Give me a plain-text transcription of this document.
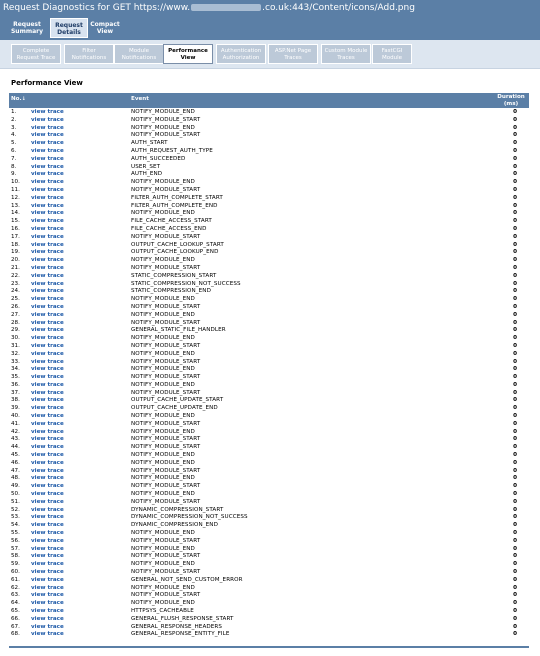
Request Diagnostics for GET https://www.	.co.uk:443/Content/icons/Add.png
Request Summary
Request Details
Compact View
Complete Request Trace
Filter Notifications
Module Notifications
Performance View
Authentication Authorization
ASP.Net Page Traces
Custom Module Traces
FastCGI Module
Performance View
No.↓	Event	Duration (ms)
1.	view trace	NOTIFY_MODULE_END	0
2.	view trace	NOTIFY_MODULE_START	0
3.	view trace	NOTIFY_MODULE_END	0
4.	view trace	NOTIFY_MODULE_START	0
5.	view trace	AUTH_START	0
6.	view trace	AUTH_REQUEST_AUTH_TYPE	0
7.	view trace	AUTH_SUCCEEDED	0
8.	view trace	USER_SET	0
9.	view trace	AUTH_END	0
10. view trace	NOTIFY_MODULE_END	0
11. view trace	NOTIFY_MODULE_START	0
12. view trace	FILTER_AUTH_COMPLETE_START	0
13. view trace	FILTER_AUTH_COMPLETE_END	0
14. view trace	NOTIFY_MODULE_END	0
15. view trace	FILE_CACHE_ACCESS_START	0
16. view trace	FILE_CACHE_ACCESS_END	0
17. view trace	NOTIFY_MODULE_START	0
18. view trace	OUTPUT_CACHE_LOOKUP_START	0
19. view trace	OUTPUT_CACHE_LOOKUP_END	0
20. view trace	NOTIFY_MODULE_END	0
21. view trace	NOTIFY_MODULE_START	0
22. view trace	STATIC_COMPRESSION_START	0
23. view trace	STATIC_COMPRESSION_NOT_SUCCESS	0
24. view trace	STATIC_COMPRESSION_END	0
25. view trace	NOTIFY_MODULE_END	0
26. view trace	NOTIFY_MODULE_START	0
27. view trace	NOTIFY_MODULE_END	0
28. view trace	NOTIFY_MODULE_START	0
29. view trace	GENERAL_STATIC_FILE_HANDLER	0
30. view trace	NOTIFY_MODULE_END	0
31. view trace	NOTIFY_MODULE_START	0
32. view trace	NOTIFY_MODULE_END	0
33. view trace	NOTIFY_MODULE_START	0
34. view trace	NOTIFY_MODULE_END	0
35. view trace	NOTIFY_MODULE_START	0
36. view trace	NOTIFY_MODULE_END	0
37. view trace	NOTIFY_MODULE_START	0
38. view trace	OUTPUT_CACHE_UPDATE_START	0
39. view trace	OUTPUT_CACHE_UPDATE_END	0
40. view trace	NOTIFY_MODULE_END	0
41. view trace	NOTIFY_MODULE_START	0
42. view trace	NOTIFY_MODULE_END	0
43. view trace	NOTIFY_MODULE_START	0
44. view trace	NOTIFY_MODULE_START	0
45. view trace	NOTIFY_MODULE_END	0
46. view trace	NOTIFY_MODULE_END	0
47. view trace	NOTIFY_MODULE_START	0
48. view trace	NOTIFY_MODULE_END	0
49. view trace	NOTIFY_MODULE_START	0
50. view trace	NOTIFY_MODULE_END	0
51. view trace	NOTIFY_MODULE_START	0
52. view trace	DYNAMIC_COMPRESSION_START	0
53. view trace	DYNAMIC_COMPRESSION_NOT_SUCCESS	0
54. view trace	DYNAMIC_COMPRESSION_END	0
55. view trace	NOTIFY_MODULE_END	0
56. view trace	NOTIFY_MODULE_START	0
57. view trace	NOTIFY_MODULE_END	0
58. view trace	NOTIFY_MODULE_START	0
59. view trace	NOTIFY_MODULE_END	0
60. view trace	NOTIFY_MODULE_START	0
61. view trace	GENERAL_NOT_SEND_CUSTOM_ERROR	0
62. view trace	NOTIFY_MODULE_END	0
63. view trace	NOTIFY_MODULE_START	0
64. view trace	NOTIFY_MODULE_END	0
65. view trace	HTTPSYS_CACHEABLE	0
66. view trace	GENERAL_FLUSH_RESPONSE_START	0
67. view trace	GENERAL_RESPONSE_HEADERS	0
68. view trace	GENERAL_RESPONSE_ENTITY_FILE	0
